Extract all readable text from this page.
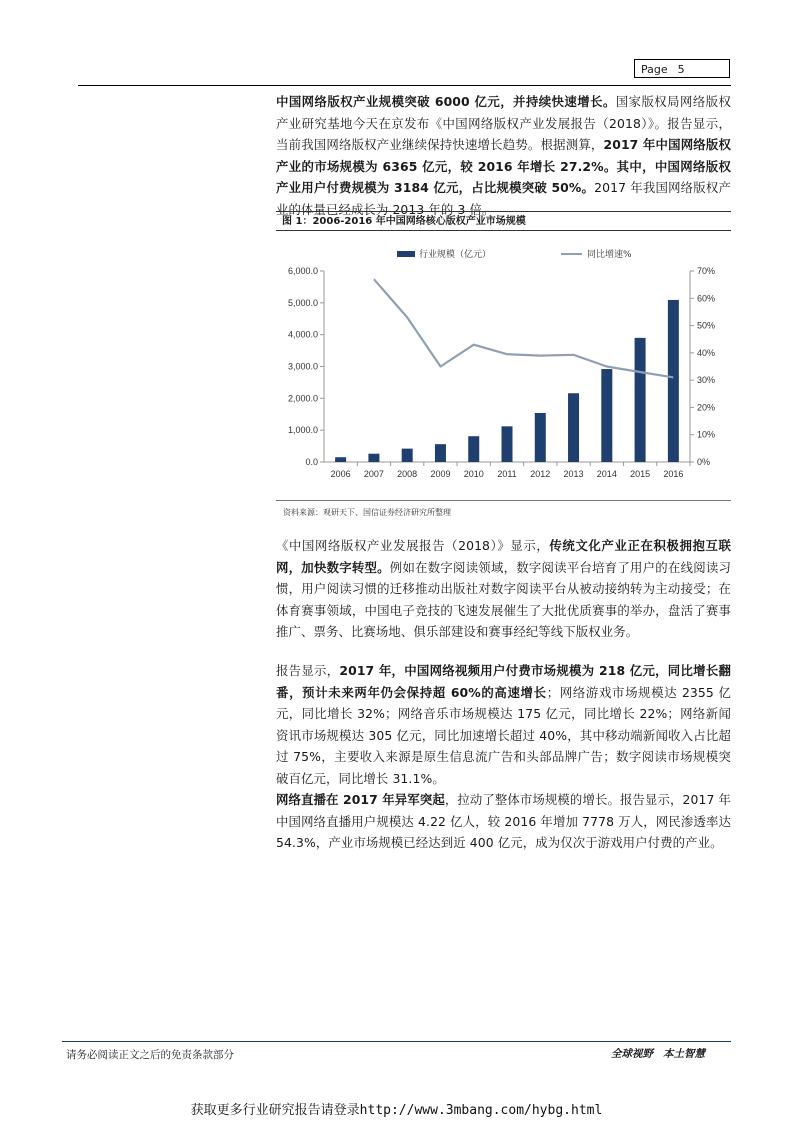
Page 5
中国网络版权产业规模突破 6000 亿元，并持续快速增长。国家版权局网络版权产业研究基地今天在京发布《中国网络版权产业发展报告（2018）》。报告显示，当前我国网络版权产业继续保持快速增长趋势。根据测算，2017 年中国网络版权产业的市场规模为 6365 亿元，较 2016 年增长 27.2%。其中，中国网络版权产业用户付费规模为 3184 亿元，占比规模突破 50%。2017 年我国网络版权产业的体量已经成长为 2013 年的 3 倍。
图 1：2006-2016 年中国网络核心版权产业市场规模
0.0
1,000.0
2,000.0
3,000.0
4,000.0
5,000.0
6,000.0
0%
10%
20%
30%
40%
50%
60%
70%
2006 2007 2008 2009 2010 2011 2012 2013 2014 2015 2016
行业规模（亿元）	同比增速%
资料来源：观研天下、国信证券经济研究所整理
《中国网络版权产业发展报告（2018）》显示，传统文化产业正在积极拥抱互联网，加快数字转型。例如在数字阅读领域，数字阅读平台培育了用户的在线阅读习惯，用户阅读习惯的迁移推动出版社对数字阅读平台从被动接纳转为主动接受；在体育赛事领域，中国电子竞技的飞速发展催生了大批优质赛事的举办，盘活了赛事推广、票务、比赛场地、俱乐部建设和赛事经纪等线下版权业务。
报告显示，2017 年，中国网络视频用户付费市场规模为 218 亿元，同比增长翻番，预计未来两年仍会保持超 60%的高速增长；网络游戏市场规模达 2355 亿元，同比增长 32%；网络音乐市场规模达 175 亿元，同比增长 22%；网络新闻资讯市场规模达 305 亿元，同比加速增长超过 40%，其中移动端新闻收入占比超过 75%，主要收入来源是原生信息流广告和头部品牌广告；数字阅读市场规模突破百亿元，同比增长 31.1%。
网络直播在 2017 年异军突起，拉动了整体市场规模的增长。报告显示，2017 年中国网络直播用户规模达 4.22 亿人，较 2016 年增加 7778 万人，网民渗透率达 54.3%，产业市场规模已经达到近 400 亿元，成为仅次于游戏用户付费的产业。
请务必阅读正文之后的免责条款部分	全球视野 本土智慧
获取更多行业研究报告请登录http://www.3mbang.com/hybg.html
